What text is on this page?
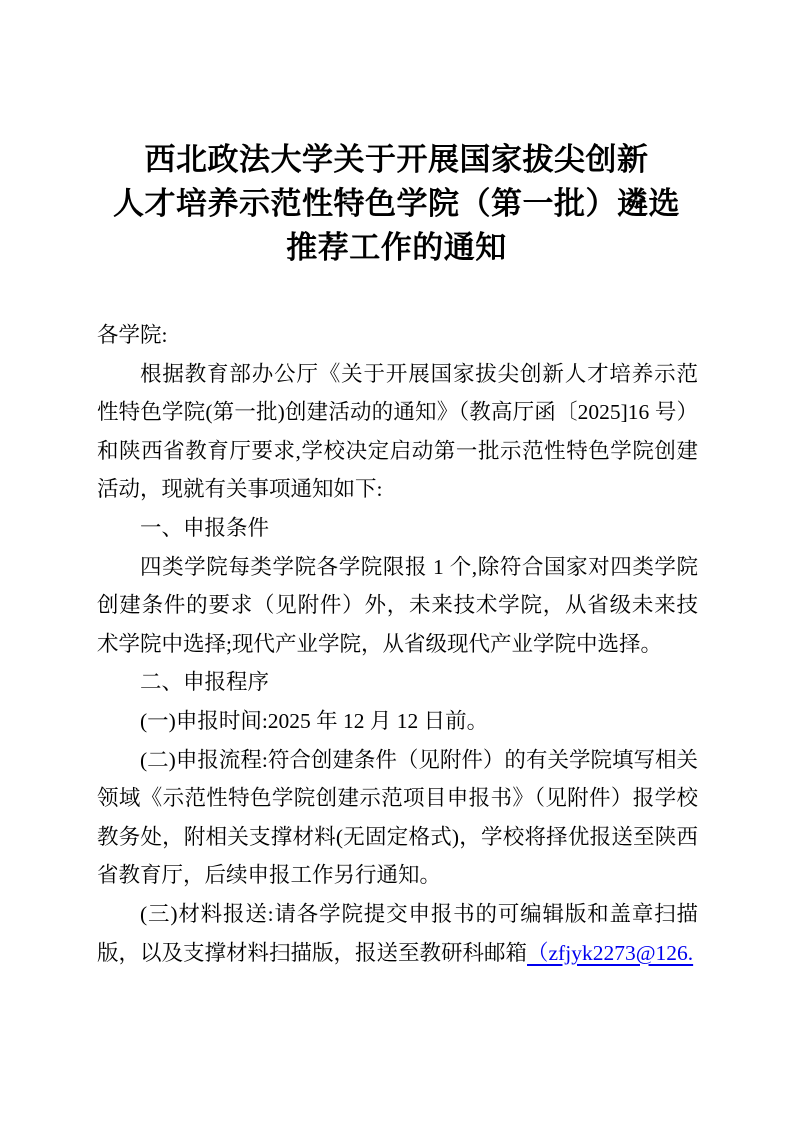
西北政法大学关于开展国家拔尖创新
人才培养示范性特色学院（第一批）遴选
推荐工作的通知

各学院:

根据教育部办公厅《关于开展国家拔尖创新人才培养示范性特色学院(第一批)创建活动的通知》（教高厅函〔2025]16 号）和陕西省教育厅要求,学校决定启动第一批示范性特色学院创建活动，现就有关事项通知如下:

一、申报条件

四类学院每类学院各学院限报 1 个,除符合国家对四类学院创建条件的要求（见附件）外，未来技术学院，从省级未来技术学院中选择;现代产业学院，从省级现代产业学院中选择。

二、申报程序

(一)申报时间:2025 年 12 月 12 日前。

(二)申报流程:符合创建条件（见附件）的有关学院填写相关领域《示范性特色学院创建示范项目申报书》（见附件）报学校教务处，附相关支撑材料(无固定格式)，学校将择优报送至陕西省教育厅，后续申报工作另行通知。

(三)材料报送:请各学院提交申报书的可编辑版和盖章扫描版，以及支撑材料扫描版，报送至教研科邮箱（zfjyk2273@126.
